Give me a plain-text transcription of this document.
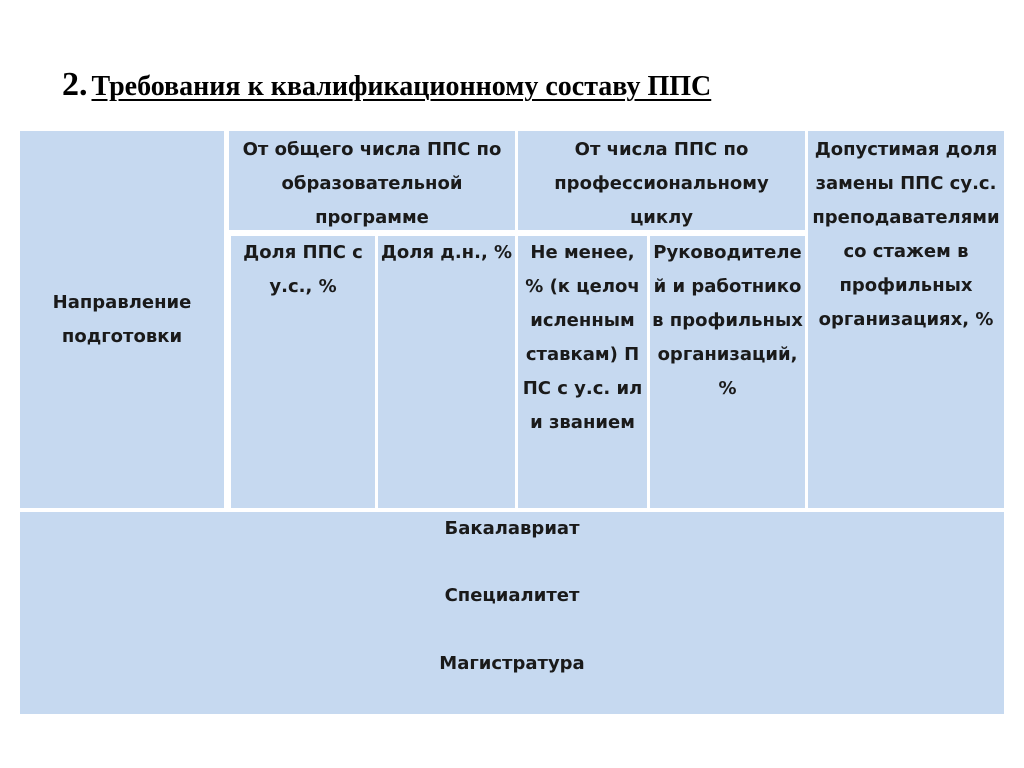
2. Требования к квалификационному составу ППС
Направление подготовки
От общего числа ППС по образовательной программе
От числа ППС по профессиональному циклу
Допустимая доля замены ППС су.с. преподавателями со стажем в профильных организациях, %
Доля ППС с у.с., %
Доля д.н., %	Не менее, % (к целочисленным ставкам) ППС с у.с. или званием
Руководителей и работников профильных организаций, %
Бакалавриат
Специалитет
Магистратура
